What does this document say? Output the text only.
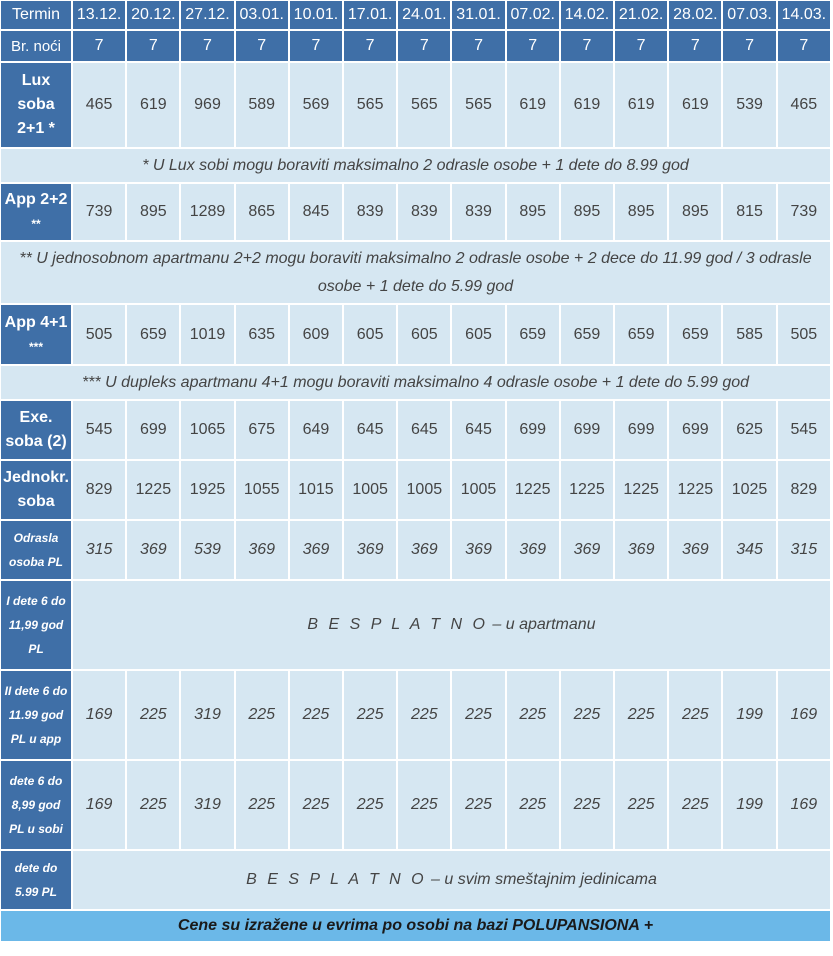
Termin	13.12.	20.12.	27.12.	03.01.	10.01.	17.01.	24.01.	31.01.	07.02.	14.02.	21.02.	28.02.	07.03.	14.03.
Br. noći	7	7	7	7	7	7	7	7	7	7	7	7	7	7

Lux
soba
2+1 *	465	619	969	589	569	565	565	565	619	619	619	619	539	465
* U Lux sobi mogu boraviti maksimalno 2 odrasle osobe + 1 dete do 8.99 god														

App 2+2
**	739	895	1289	865	845	839	839	839	895	895	895	895	815	739
** U jednosobnom apartmanu 2+2 mogu boraviti maksimalno 2 odrasle osobe + 2 dece do 11.99 god / 3 odrasle osobe + 1 dete do 5.99 god														

App 4+1
***	505	659	1019	635	609	605	605	605	659	659	659	659	585	505
*** U dupleks apartmanu 4+1 mogu boraviti maksimalno 4 odrasle osobe + 1 dete do 5.99 god														

Exe.
soba (2)	545	699	1065	675	649	645	645	645	699	699	699	699	625	545

Jednokr.
soba	829	1225	1925	1055	1015	1005	1005	1005	1225	1225	1225	1225	1025	829

Odrasla
osoba PL	315	369	539	369	369	369	369	369	369	369	369	369	345	315

I dete 6 do
11,99 god
PL	B E S P L A T N O – u apartmanu													

II dete 6 do
11.99 god
PL u app	169	225	319	225	225	225	225	225	225	225	225	225	199	169

dete 6 do
8,99 god
PL u sobi	169	225	319	225	225	225	225	225	225	225	225	225	199	169

dete do
5.99 PL	B E S P L A T N O – u svim smeštajnim jedinicama													
Cene su izražene u evrima po osobi na bazi POLUPANSIONA +														
